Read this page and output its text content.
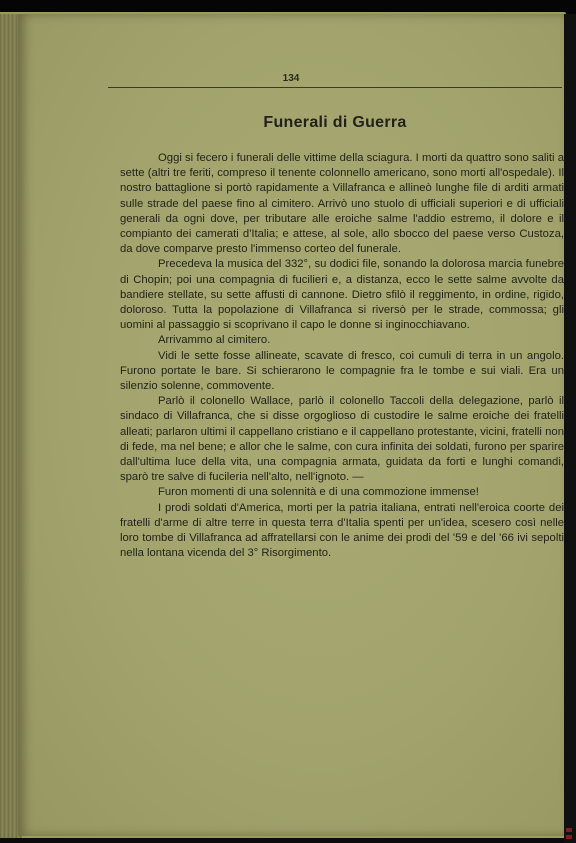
134
Funerali di Guerra

Oggi si fecero i funerali delle vittime della sciagura. I morti da quattro sono saliti a sette (altri tre feriti, compreso il tenente colonnello americano, sono morti all'ospedale). Il nostro battaglione si portò rapidamente a Villafranca e allineò lunghe file di arditi armati sulle strade del paese fino al cimitero. Arrivò uno stuolo di ufficiali superiori e di ufficiali generali da ogni dove, per tributare alle eroiche salme l'addio estremo, il dolore e il compianto dei camerati d'Italia; e attese, al sole, allo sbocco del paese verso Custoza, da dove comparve presto l'immenso corteo del funerale.

Precedeva la musica del 332°, su dodici file, sonando la dolorosa marcia funebre di Chopin; poi una compagnia di fucilieri e, a distanza, ecco le sette salme avvolte da bandiere stellate, su sette affusti di cannone. Dietro sfilò il reggimento, in ordine, rigido, doloroso. Tutta la popolazione di Villafranca si riversò per le strade, commossa; gli uomini al passaggio si scoprivano il capo le donne si inginocchiavano.

Arrivammo al cimitero.

Vidi le sette fosse allineate, scavate di fresco, coi cumuli di terra in un angolo. Furono portate le bare. Si schierarono le compagnie fra le tombe e sui viali. Era un silenzio solenne, commovente.

Parlò il colonello Wallace, parlò il colonello Taccoli della delegazione, parlò il sindaco di Villafranca, che si disse orgoglioso di custodire le salme eroiche dei fratelli alleati; parlaron ultimi il cappellano cristiano e il cappellano protestante, vicini, fratelli non di fede, ma nel bene; e allor che le salme, con cura infinita dei soldati, furono per sparire dall'ultima luce della vita, una compagnia armata, guidata da forti e lunghi comandi, sparò tre salve di fucileria nell'alto, nell'ignoto. —

Furon momenti di una solennità e di una commozione immense!

I prodi soldati d'America, morti per la patria italiana, entrati nell'eroica coorte dei fratelli d'arme di altre terre in questa terra d'Italia spenti per un'idea, scesero così nelle loro tombe di Villafranca ad affratellarsi con le anime dei prodi del '59 e del '66 ivi sepolti nella lontana vicenda del 3° Risorgimento.
